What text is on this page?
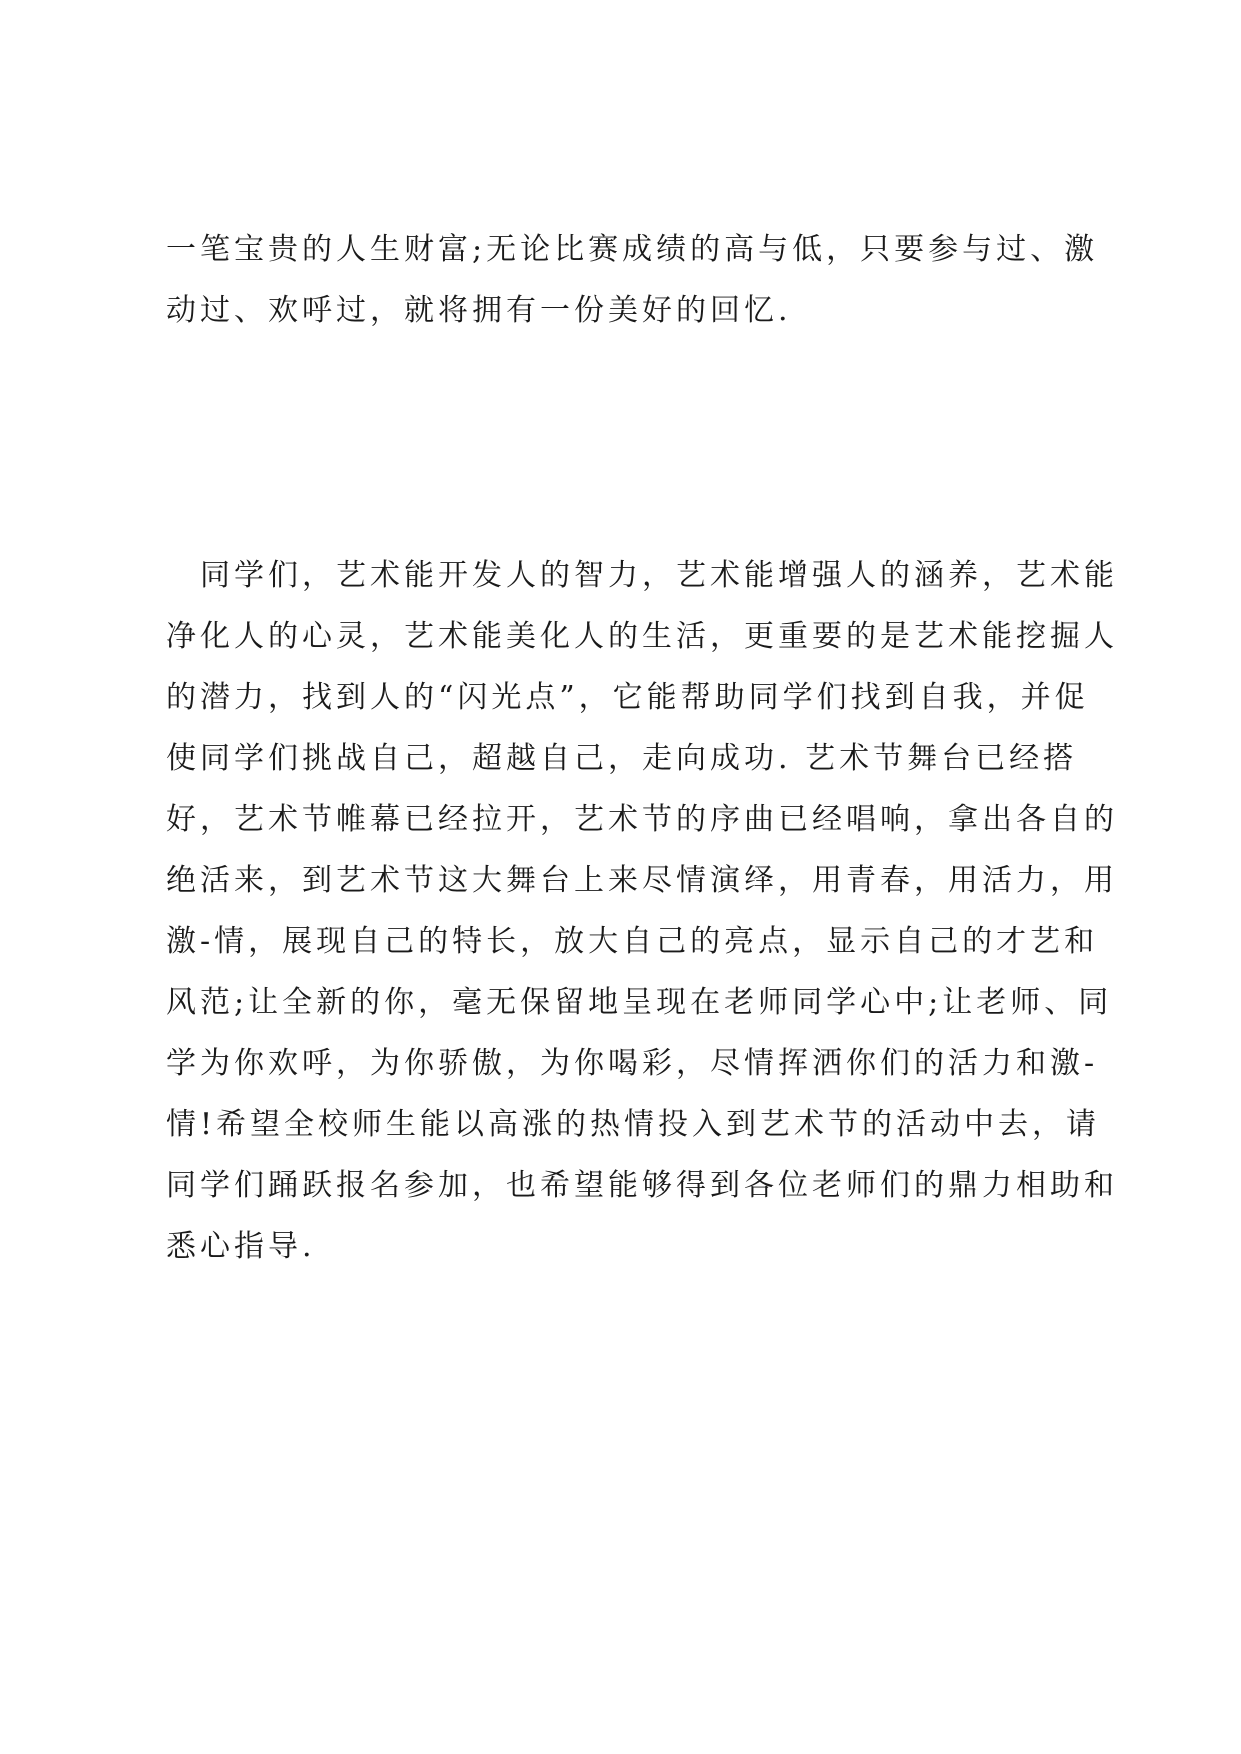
一笔宝贵的人生财富;无论比赛成绩的高与低，只要参与过、激
动过、欢呼过，就将拥有一份美好的回忆.
　同学们，艺术能开发人的智力，艺术能增强人的涵养，艺术能
净化人的心灵，艺术能美化人的生活，更重要的是艺术能挖掘人
的潜力，找到人的“闪光点”，它能帮助同学们找到自我，并促
使同学们挑战自己，超越自己，走向成功. 艺术节舞台已经搭
好，艺术节帷幕已经拉开，艺术节的序曲已经唱响，拿出各自的
绝活来，到艺术节这大舞台上来尽情演绎，用青春，用活力，用
激-情，展现自己的特长，放大自己的亮点，显示自己的才艺和
风范;让全新的你，毫无保留地呈现在老师同学心中;让老师、同
学为你欢呼，为你骄傲，为你喝彩，尽情挥洒你们的活力和激-
情!希望全校师生能以高涨的热情投入到艺术节的活动中去，请
同学们踊跃报名参加，也希望能够得到各位老师们的鼎力相助和
悉心指导.
